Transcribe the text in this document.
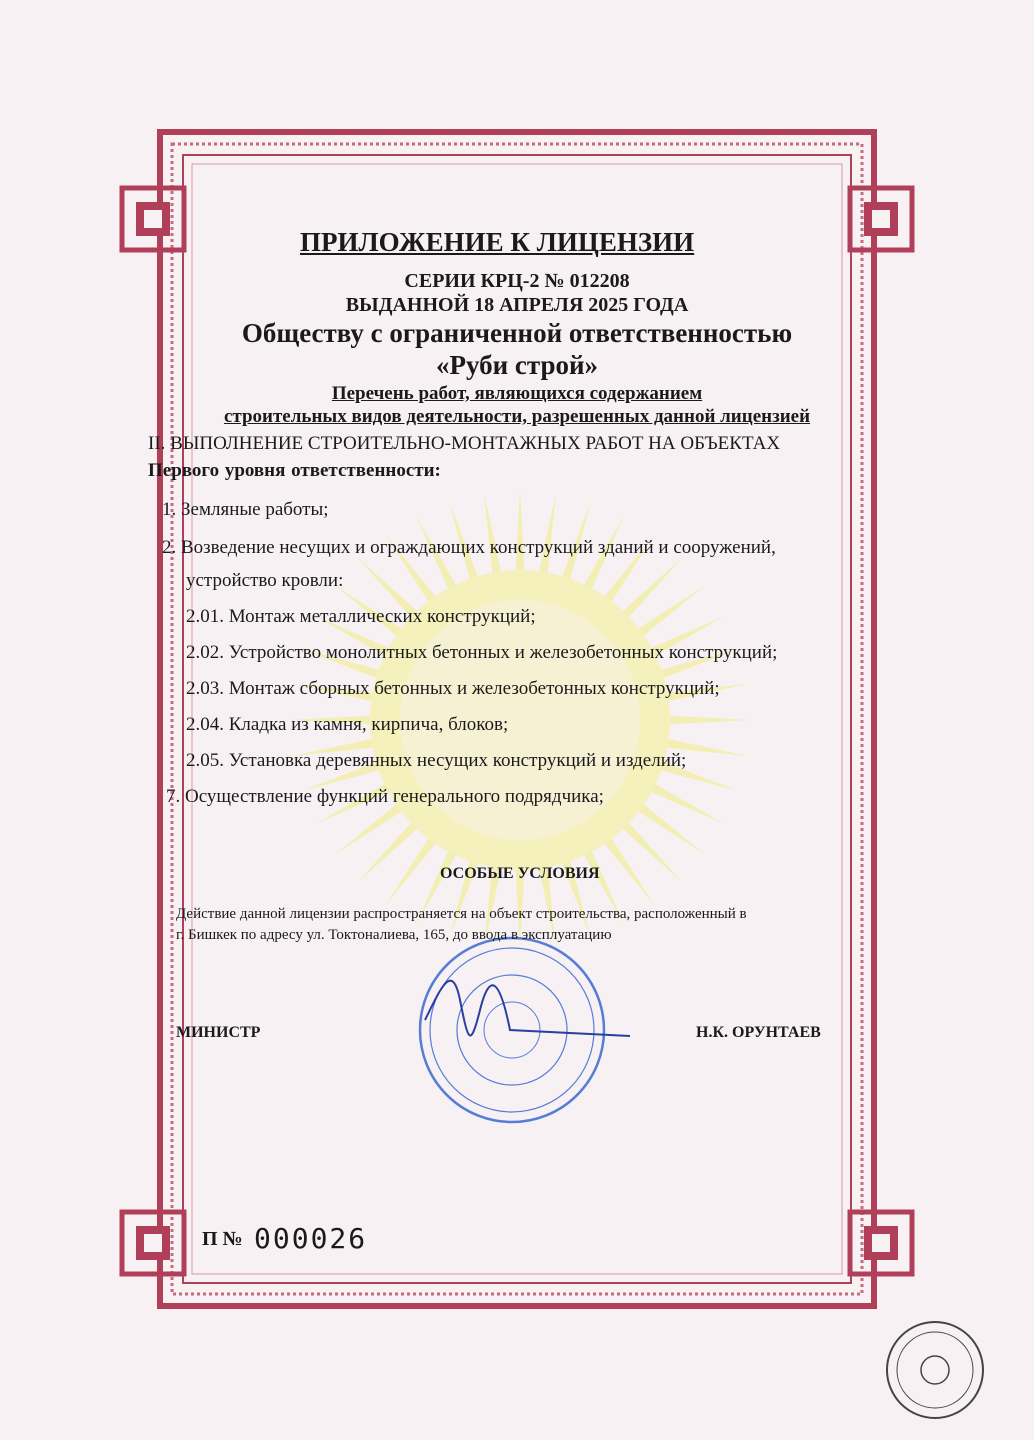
ПРИЛОЖЕНИЕ К ЛИЦЕНЗИИ
СЕРИИ КРЦ-2 № 012208
ВЫДАННОЙ 18 АПРЕЛЯ 2025 ГОДА
Обществу с ограниченной ответственностью
«Руби строй»
Перечень работ, являющихся содержанием
строительных видов деятельности, разрешенных данной лицензией
II. ВЫПОЛНЕНИЕ СТРОИТЕЛЬНО-МОНТАЖНЫХ РАБОТ НА ОБЪЕКТАХ
Первого уровня ответственности:
1. Земляные работы;
2. Возведение несущих и ограждающих конструкций зданий и сооружений,
устройство кровли:
2.01. Монтаж металлических конструкций;
2.02. Устройство монолитных бетонных и железобетонных конструкций;
2.03. Монтаж сборных бетонных и железобетонных конструкций;
2.04. Кладка из камня, кирпича, блоков;
2.05. Установка деревянных несущих конструкций и изделий;
7. Осуществление функций генерального подрядчика;
ОСОБЫЕ УСЛОВИЯ
Действие данной лицензии распространяется на объект строительства, расположенный в
г. Бишкек по адресу ул. Токтоналиева, 165, до ввода в эксплуатацию
МИНИСТР	Н.К. ОРУНТАЕВ
П № 000026
